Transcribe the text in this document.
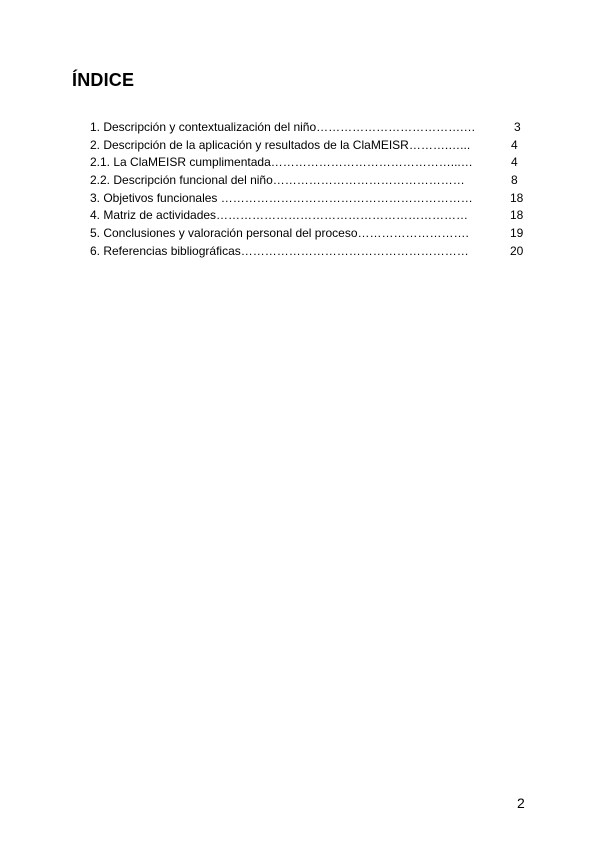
ÍNDICE
1. Descripción y contextualización del niño……………………………….…	3
2. Descripción de la aplicación y resultados de la ClaMEISR……….…...	4
2.1. La ClaMEISR cumplimentada………………………………………...…	4
2.2. Descripción funcional del niño…………………………………………	8
3. Objetivos funcionales ………………………………………………………	18
4. Matriz de actividades………………………………………………………	18
5. Conclusiones y valoración personal del proceso……………………….	19
6. Referencias bibliográficas…………………………………………………	20
2
